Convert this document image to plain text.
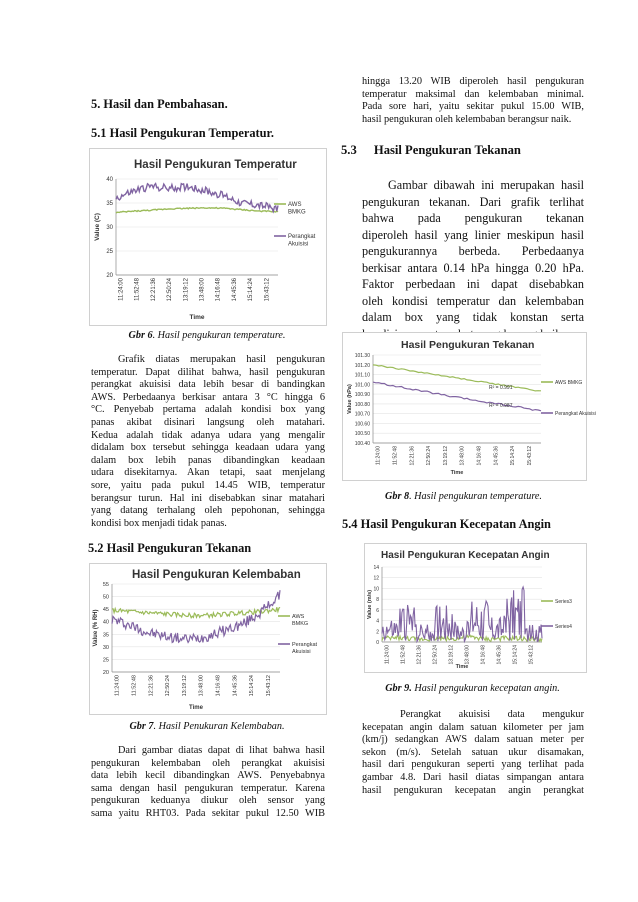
5. Hasil dan Pembahasan.
5.1 Hasil Pengukuran Temperatur.
Hasil Pengukuran Temperatur
20
25
30
35
40
11:24:00 11:52:48 12:21:36 12:50:24 13:19:12 13:48:00 14:16:48 14:45:36 15:14:24 15:43:12
Time
Value (C)
AWS
BMKG
Perangkat
Akuisisi
Gbr 6. Hasil pengukuran temperature.
Grafik diatas merupakan hasil pengukuran
temperatur. Dapat dilihat bahwa, hasil pengukuran
perangkat akuisisi data lebih besar di bandingkan
AWS. Perbedaanya berkisar antara 3 °C hingga 6
°C. Penyebab pertama adalah kondisi box yang
panas akibat disinari langsung oleh matahari.
Kedua adalah tidak adanya udara yang mengalir
didalam box tersebut sehingga keadaan udara yang
dalam box lebih panas dibandingkan keadaan
udara disekitarnya. Akan tetapi, saat menjelang
sore, yaitu pada pukul 14.45 WIB, temperatur
berangsur turun. Hal ini disebabkan sinar matahari
yang datang terhalang oleh pepohonan, sehingga
kondisi box menjadi tidak panas.
5.2 Hasil Pengukuran Tekanan
Hasil Pengukuran Kelembaban
20
25
30
35
40
45
50
55
11:24:00 11:52:48 12:21:36 12:50:24 13:19:12 13:48:00 14:16:48 14:45:36 15:14:24 15:43:12
Time
Value (% RH)	AWS
BMKG
Perangkat
Akuisisi
Gbr 7. Hasil Penukuran Kelembaban.
Dari gambar diatas dapat di lihat bahwa hasil
pengukuran kelembaban oleh perangkat akuisisi
data lebih kecil dibandingkan AWS. Penyebabnya
sama dengan hasil pengukuran temperatur. Karena
pengukuran keduanya diukur oleh sensor yang
sama yaitu RHT03. Pada sekitar pukul 12.50 WIB
hingga 13.20 WIB diperoleh hasil pengukuran
temperatur maksimal dan kelembaban minimal.
Pada sore hari, yaitu sekitar pukul 15.00 WIB,
hasil pengukuran oleh kelembaban berangsur naik.
5.3 Hasil Pengukuran Tekanan
Gambar dibawah ini merupakan hasil
pengukuran tekanan. Dari grafik terlihat
bahwa pada pengukuran tekanan
diperoleh hasil yang linier meskipun hasil
pengukurannya berbeda. Perbedaanya
berkisar antara 0.14 hPa hingga 0.20 hPa.
Faktor perbedaan ini dapat disebabkan
oleh kondisi temperatur dan kelembaban
dalam box yang tidak konstan serta
Hasil Pengukuran Tekanan
100.40
100.50
100.60
100.70
100.80
100.90
101.00
101.10
101.20
101.30
11:24:00 11:52:48 12:21:36 12:50:24 13:19:12 13:48:00 14:16:48 14:45:36 15:14:24 15:43:12
Time
Value (hPa)
AWS BMKG
Perangkat Akuisisi
R² = 0.991
R² = 0.987
Gbr 8. Hasil pengukuran temperature.
5.4 Hasil Pengukuran Kecepatan Angin
Hasil Pengukuran Kecepatan Angin
0
2
4
6
8
10
12
14
11:24:00 11:52:48 12:21:36 12:50:24 13:19:12 13:48:00 14:16:48 14:45:36 15:14:24 15:43:12
Time
Value (m/s)	Series3
Series4
Gbr 9. Hasil pengukuran kecepatan angin.
Perangkat akuisisi data mengukur
kecepatan angin dalam satuan kilometer per jam
(km/j) sedangkan AWS dalam satuan meter per
sekon (m/s). Setelah satuan ukur disamakan,
hasil dari pengukuran seperti yang terlihat pada
gambar 4.8. Dari hasil diatas simpangan antara
hasil pengukuran kecepatan angin perangkat
